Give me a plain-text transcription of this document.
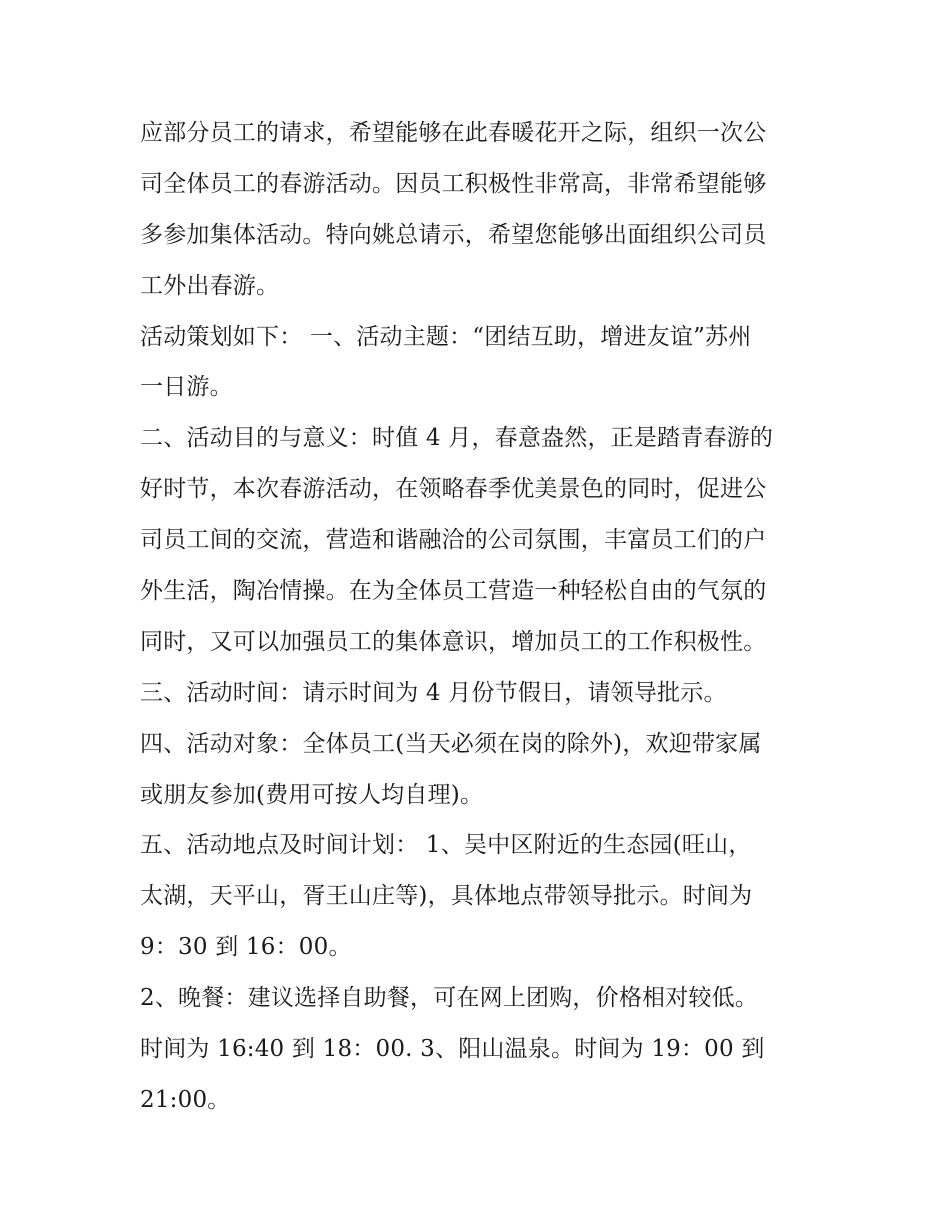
应部分员工的请求，希望能够在此春暖花开之际，组织一次公
司全体员工的春游活动。因员工积极性非常高，非常希望能够
多参加集体活动。特向姚总请示，希望您能够出面组织公司员
工外出春游。
活动策划如下： 一、活动主题：“团结互助，增进友谊”苏州
一日游。
二、活动目的与意义：时值 4 月，春意盎然，正是踏青春游的
好时节，本次春游活动，在领略春季优美景色的同时，促进公
司员工间的交流，营造和谐融洽的公司氛围，丰富员工们的户
外生活，陶冶情操。在为全体员工营造一种轻松自由的气氛的
同时，又可以加强员工的集体意识，增加员工的工作积极性。
三、活动时间：请示时间为 4 月份节假日，请领导批示。
四、活动对象：全体员工(当天必须在岗的除外)，欢迎带家属
或朋友参加(费用可按人均自理)。
五、活动地点及时间计划： 1、吴中区附近的生态园(旺山，
太湖，天平山，胥王山庄等)，具体地点带领导批示。时间为
9：30 到 16：00。
2、晚餐：建议选择自助餐，可在网上团购，价格相对较低。
时间为 16:40 到 18：00. 3、阳山温泉。时间为 19：00 到
21:00。
